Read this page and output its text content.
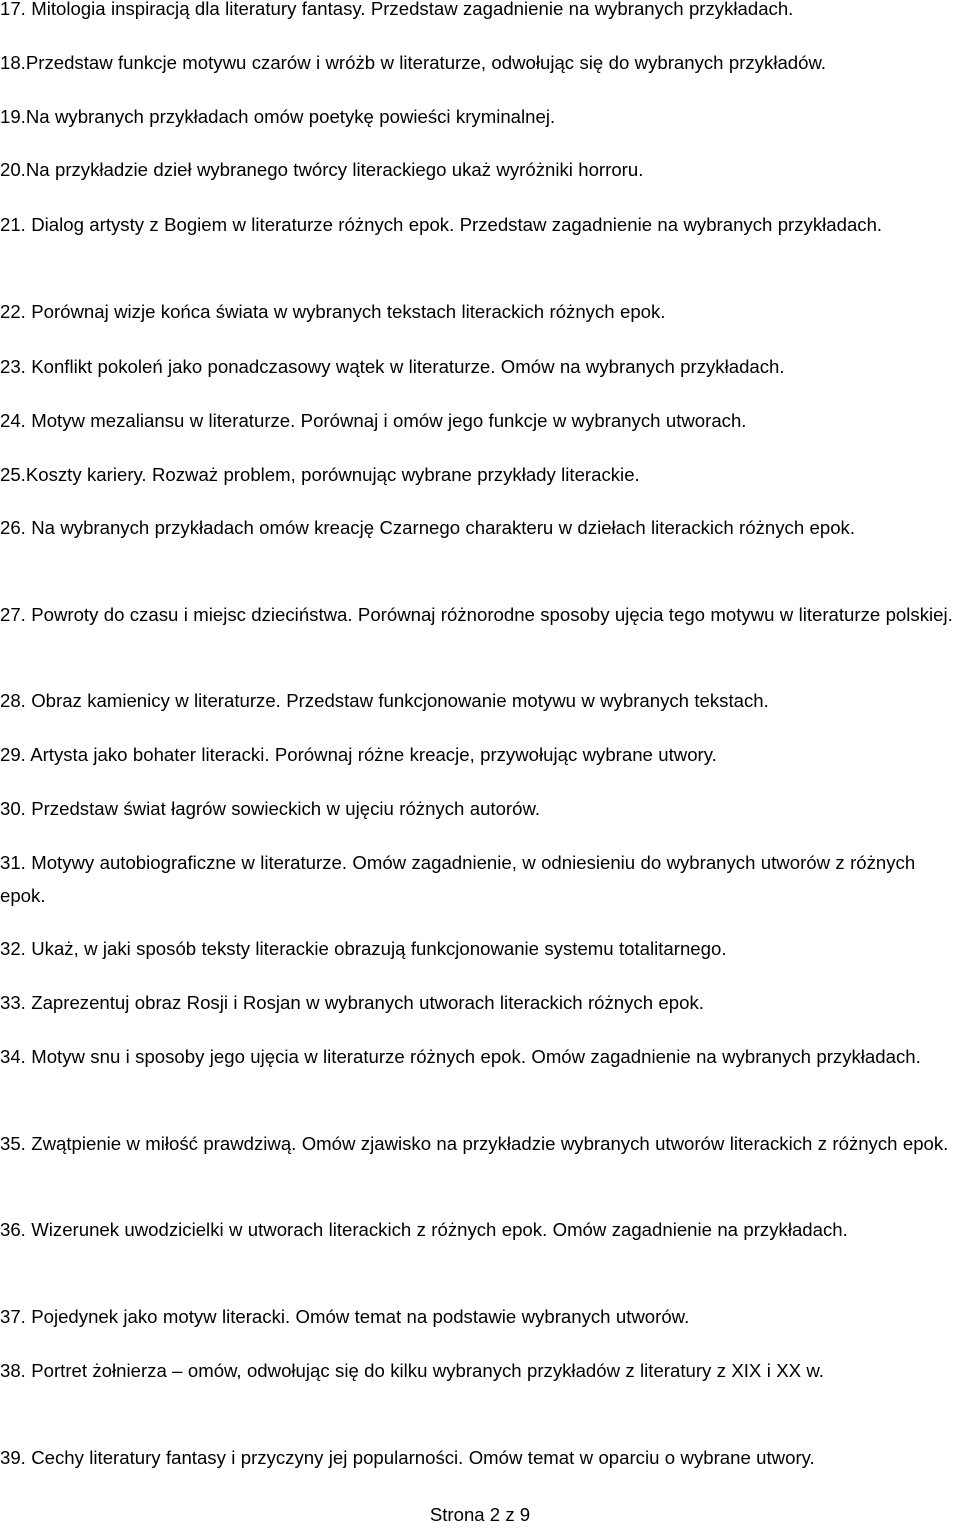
17. Mitologia inspiracją dla literatury fantasy. Przedstaw zagadnienie na wybranych przykładach.

18.Przedstaw funkcje motywu czarów i wróżb w literaturze, odwołując się do wybranych przykładów.

19.Na wybranych przykładach omów poetykę powieści kryminalnej.

20.Na przykładzie dzieł wybranego twórcy literackiego ukaż wyróżniki horroru.

21. Dialog artysty z Bogiem w literaturze różnych epok. Przedstaw zagadnienie na wybranych przykładach.

22. Porównaj wizje końca świata w wybranych tekstach literackich różnych epok.

23. Konflikt pokoleń jako ponadczasowy wątek w literaturze. Omów na wybranych przykładach.

24. Motyw mezaliansu w literaturze. Porównaj i omów jego funkcje w wybranych utworach.

25.Koszty kariery. Rozważ problem, porównując wybrane przykłady literackie.

26. Na wybranych przykładach omów kreację Czarnego charakteru w dziełach literackich różnych epok.

27. Powroty do czasu i miejsc dzieciństwa. Porównaj różnorodne sposoby ujęcia tego motywu w literaturze polskiej.

28. Obraz kamienicy w literaturze. Przedstaw funkcjonowanie motywu w wybranych tekstach.

29. Artysta jako bohater literacki. Porównaj różne kreacje, przywołując wybrane utwory.

30. Przedstaw świat łagrów sowieckich w ujęciu różnych autorów.

31. Motywy autobiograficzne w literaturze. Omów zagadnienie, w odniesieniu do wybranych utworów z różnych epok.

32. Ukaż, w jaki sposób teksty literackie obrazują funkcjonowanie systemu totalitarnego.

33. Zaprezentuj obraz Rosji i Rosjan w wybranych utworach literackich różnych epok.

34. Motyw snu i sposoby jego ujęcia w literaturze różnych epok. Omów zagadnienie na wybranych przykładach.

35. Zwątpienie w miłość prawdziwą. Omów zjawisko na przykładzie wybranych utworów literackich z różnych epok.

36. Wizerunek uwodzicielki w utworach literackich z różnych epok. Omów zagadnienie na przykładach.

37. Pojedynek jako motyw literacki. Omów temat na podstawie wybranych utworów.

38. Portret żołnierza – omów, odwołując się do kilku wybranych przykładów z literatury z XIX i XX w.

39. Cechy literatury fantasy i przyczyny jej popularności. Omów temat w oparciu o wybrane utwory.

Strona 2 z 9
